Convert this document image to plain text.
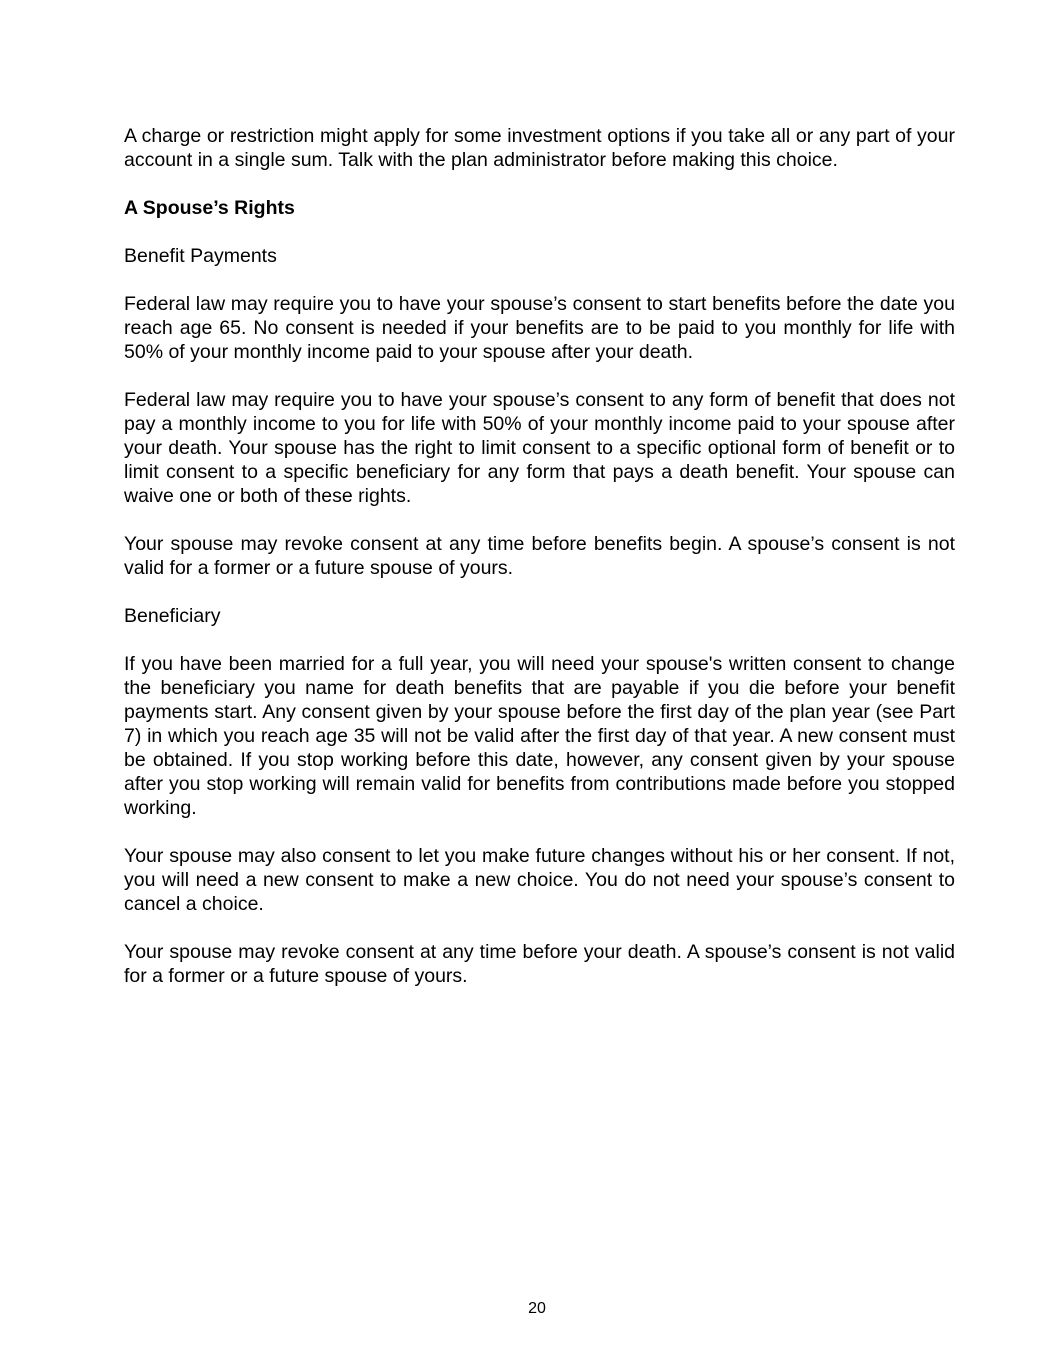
A charge or restriction might apply for some investment options if you take all or any part of your account in a single sum. Talk with the plan administrator before making this choice.

A Spouse’s Rights

Benefit Payments

Federal law may require you to have your spouse’s consent to start benefits before the date you reach age 65. No consent is needed if your benefits are to be paid to you monthly for life with 50% of your monthly income paid to your spouse after your death.

Federal law may require you to have your spouse’s consent to any form of benefit that does not pay a monthly income to you for life with 50% of your monthly income paid to your spouse after your death. Your spouse has the right to limit consent to a specific optional form of benefit or to limit consent to a specific beneficiary for any form that pays a death benefit. Your spouse can waive one or both of these rights.

Your spouse may revoke consent at any time before benefits begin. A spouse’s consent is not valid for a former or a future spouse of yours.

Beneficiary

If you have been married for a full year, you will need your spouse's written consent to change the beneficiary you name for death benefits that are payable if you die before your benefit payments start. Any consent given by your spouse before the first day of the plan year (see Part 7) in which you reach age 35 will not be valid after the first day of that year. A new consent must be obtained. If you stop working before this date, however, any consent given by your spouse after you stop working will remain valid for benefits from contributions made before you stopped working.

Your spouse may also consent to let you make future changes without his or her consent. If not, you will need a new consent to make a new choice. You do not need your spouse’s consent to cancel a choice.

Your spouse may revoke consent at any time before your death. A spouse’s consent is not valid for a former or a future spouse of yours.

20
